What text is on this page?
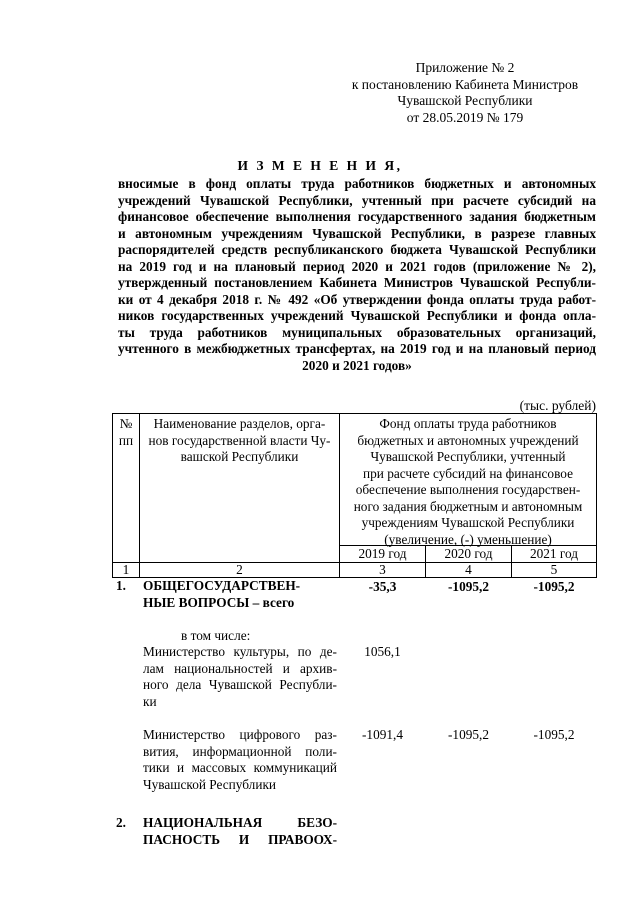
Приложение № 2
к постановлению Кабинета Министров
Чувашской Республики
от 28.05.2019 № 179
И З М Е Н Е Н И Я,
вносимые в фонд оплаты труда работников бюджетных и автономных
учреждений Чувашской Республики, учтенный при расчете субсидий на
финансовое обеспечение выполнения государственного задания бюджетным
и автономным учреждениям Чувашской Республики, в разрезе главных
распорядителей средств республиканского бюджета Чувашской Республики
на 2019 год и на плановый период 2020 и 2021 годов (приложение № 2),
утвержденный постановлением Кабинета Министров Чувашской Республи-
ки от 4 декабря 2018 г. № 492 «Об утверждении фонда оплаты труда работ-
ников государственных учреждений Чувашской Республики и фонда опла-
ты труда работников муниципальных образовательных организаций,
учтенного в межбюджетных трансфертах, на 2019 год и на плановый период
2020 и 2021 годов»
(тыс. рублей)
№
пп
Наименование разделов, орга-
нов государственной власти Чу-
вашской Республики
Фонд оплаты труда работников
бюджетных и автономных учреждений
Чувашской Республики, учтенный
при расчете субсидий на финансовое
обеспечение выполнения государствен-
ного задания бюджетным и автономным
учреждениям Чувашской Республики
(увеличение, (-) уменьшение)
2019 год	2020 год	2021 год
1	2	3	4	5
1.	ОБЩЕГОСУДАРСТВЕН-
НЫЕ ВОПРОСЫ – всего
-35,3	-1095,2	-1095,2
в том числе:
Министерство культуры, по де-
лам национальностей и архив-
ного дела Чувашской Республи-
ки
1056,1
Министерство цифрового раз-
вития, информационной поли-
тики и массовых коммуникаций
Чувашской Республики
-1091,4	-1095,2	-1095,2
2.	НАЦИОНАЛЬНАЯ БЕЗО-
ПАСНОСТЬ И ПРАВООХ-
